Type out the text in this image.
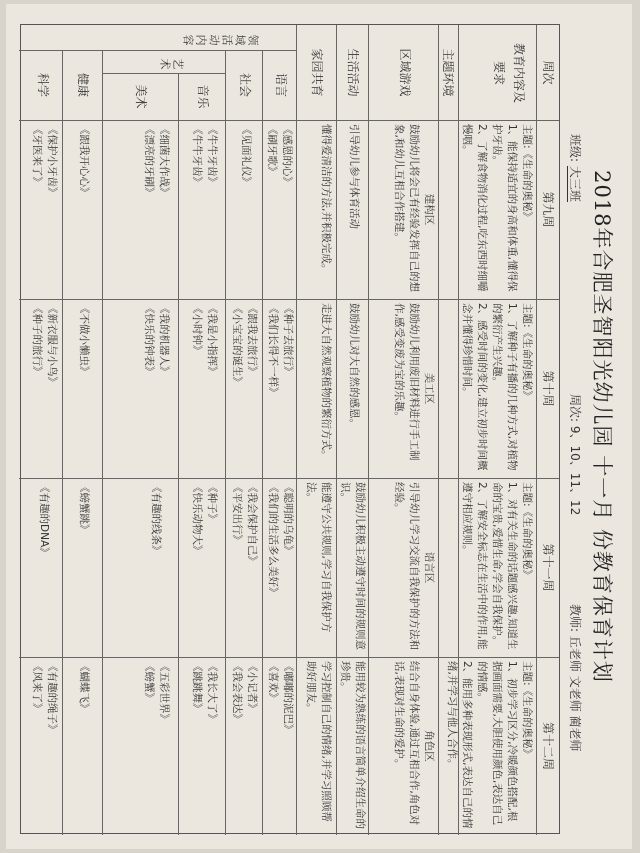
2018年合肥圣智阳光幼儿园 十一月 份教育保育计划
班级: 大三班
周次: 9、10、11、12
教师: 丘老师 文老师 蔺老师
周次
教育内容及要求
主题环境
区域游戏
生活活动
家园共育
领域活动内容
语言
社会
艺术
音乐
美术
健康
科学
第九周
主题:《生命的奥秘》
1、能保持适宜的身高和体重,懂得保护牙齿。
2、了解食物消化过程,吃东西时细嚼慢咽。
建构区
鼓励幼儿将会已有经验发挥自己的想象,和幼儿互相合作搭建。
引导幼儿参与体育活动
懂得爱清洁的方法,并积极完成。
《感恩的心》
《刷牙歌》
《见面礼仪》
《牛牛牙齿》
《牛牛牙齿》
《细菌大作战》
《漂亮的牙刷》
《跟我开心心》
《保护小牙齿》
《牙医来了》
第十周
主题:《生命的奥秘》
1、了解种子有播的几种方式,对植物的繁衍产生兴趣。
2、感受时间的变化,建立初步时间概念并懂得珍惜时间。
美工区
鼓励幼儿利用废旧材料进行手工制作,感受变废为宝的乐趣。
鼓励幼儿对大自然的感恩。
走进大自然观察植物的繁衍方式。
《种子去旅行》
《我们长得不一样》
《跟我去旅行》
《小宝宝的诞生》
《我是小指挥》
《小时钟》
《我的机器人》
《快乐的钟表》
《不做小懒虫》
《新衣服与小鸟》
《种子的旅行》
第十一周
主题:《生命的奥秘》
1、对有关生命的话题感兴趣,知道生命的宝贵,爱惜生命,学会自我保护。
2、了解安全标志在生活中的作用,能遵守相应规则。
语言区
引导幼儿学习交流自我保护的方法和经验。
鼓励幼儿积极主动遵守时间的规则意识。
能遵守公共规则,学习自我保护方法。
《聪明的乌龟》
《我们的生活多么美好》
《我会保护自己》
《平安出行》
《种子》
《快乐动物大》
《有趣的线条》
《螃蟹跳》
《有趣的DNA》
第十二周
主题:《生命的奥秘》
1、初步学习区分,冷暖颜色搭配,根据画面需要,大胆使用颜色,表达自己的情感。
2、能用多种表现形式,表达自己的情绪,并学习与他人合作。
角色区
结合自身体验,通过互相合作,角色对话,表现对生命的爱护。
能用较为熟练的语言简单介绍生命的珍贵。
学习控制自己的情绪,并学习照顾帮助好朋友。
《嘟嘟的泥巴》
《喜欢》
《小记者》
《我会表达》
《我长大了》
《跳跳舞》
《五彩世界》
《螃蟹》
《蝴蝶飞》
《有趣的绳子》
《风来了》
